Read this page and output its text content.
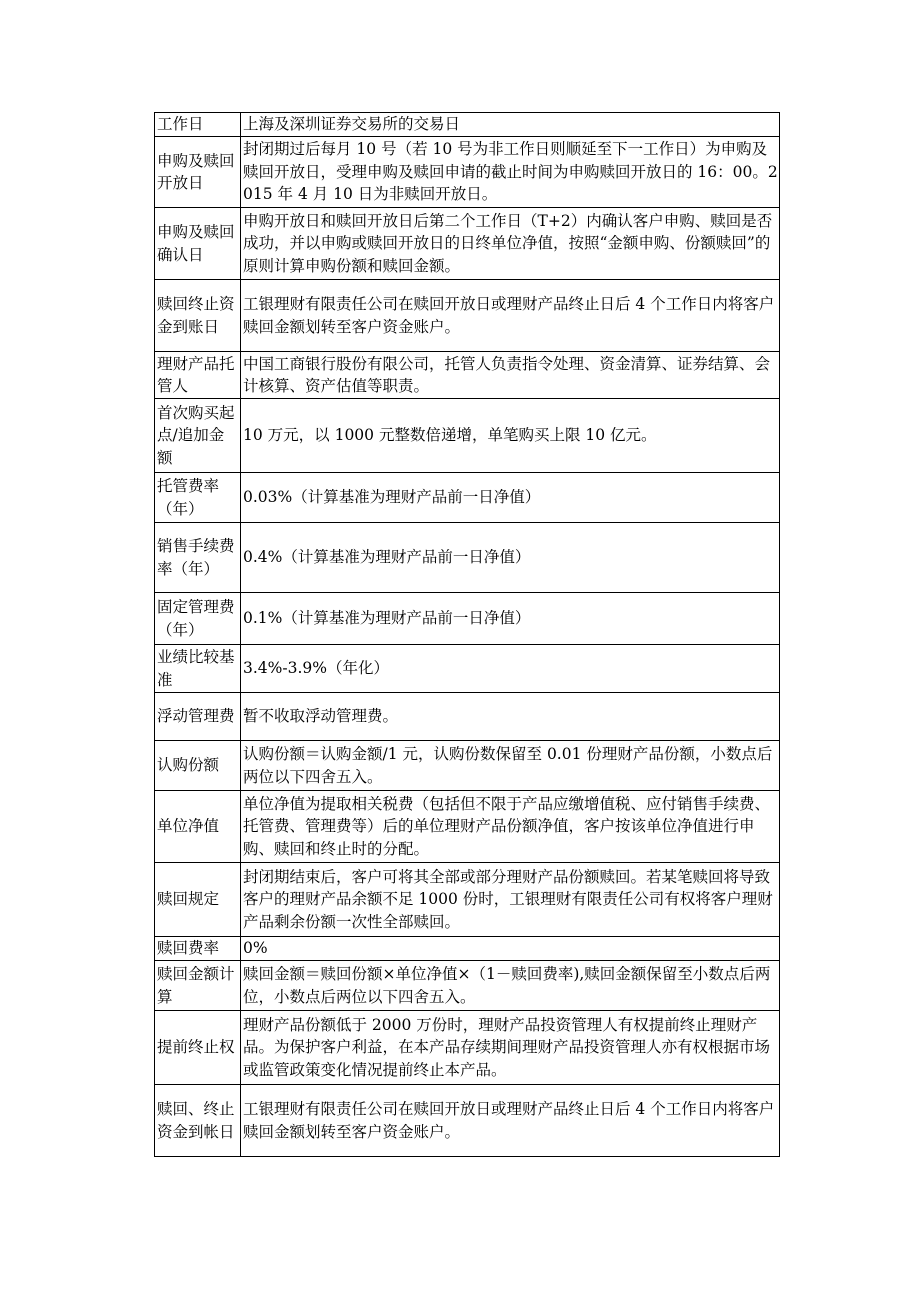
工作日	上海及深圳证券交易所的交易日
申购及赎回开放日	封闭期过后每月 10 号（若 10 号为非工作日则顺延至下一工作日）为申购及赎回开放日，受理申购及赎回申请的截止时间为申购赎回开放日的 16：00。2015 年 4 月 10 日为非赎回开放日。
申购及赎回确认日	申购开放日和赎回开放日后第二个工作日（T+2）内确认客户申购、赎回是否成功，并以申购或赎回开放日的日终单位净值，按照“金额申购、份额赎回”的原则计算申购份额和赎回金额。
赎回终止资金到账日	工银理财有限责任公司在赎回开放日或理财产品终止日后 4 个工作日内将客户赎回金额划转至客户资金账户。
理财产品托管人	中国工商银行股份有限公司，托管人负责指令处理、资金清算、证券结算、会计核算、资产估值等职责。
首次购买起点/追加金额	10 万元，以 1000 元整数倍递增，单笔购买上限 10 亿元。
托管费率（年）	0.03%（计算基准为理财产品前一日净值）
销售手续费率（年）	0.4%（计算基准为理财产品前一日净值）
固定管理费（年）	0.1%（计算基准为理财产品前一日净值）
业绩比较基准	3.4%-3.9%（年化）
浮动管理费	暂不收取浮动管理费。
认购份额	认购份额＝认购金额/1 元，认购份数保留至 0.01 份理财产品份额，小数点后两位以下四舍五入。
单位净值	单位净值为提取相关税费（包括但不限于产品应缴增值税、应付销售手续费、托管费、管理费等）后的单位理财产品份额净值，客户按该单位净值进行申购、赎回和终止时的分配。
赎回规定	封闭期结束后，客户可将其全部或部分理财产品份额赎回。若某笔赎回将导致客户的理财产品余额不足 1000 份时，工银理财有限责任公司有权将客户理财产品剩余份额一次性全部赎回。
赎回费率	0%
赎回金额计算	赎回金额＝赎回份额×单位净值×（1－赎回费率),赎回金额保留至小数点后两位，小数点后两位以下四舍五入。
提前终止权	理财产品份额低于 2000 万份时，理财产品投资管理人有权提前终止理财产品。为保护客户利益，在本产品存续期间理财产品投资管理人亦有权根据市场或监管政策变化情况提前终止本产品。
赎回、终止资金到帐日	工银理财有限责任公司在赎回开放日或理财产品终止日后 4 个工作日内将客户赎回金额划转至客户资金账户。
